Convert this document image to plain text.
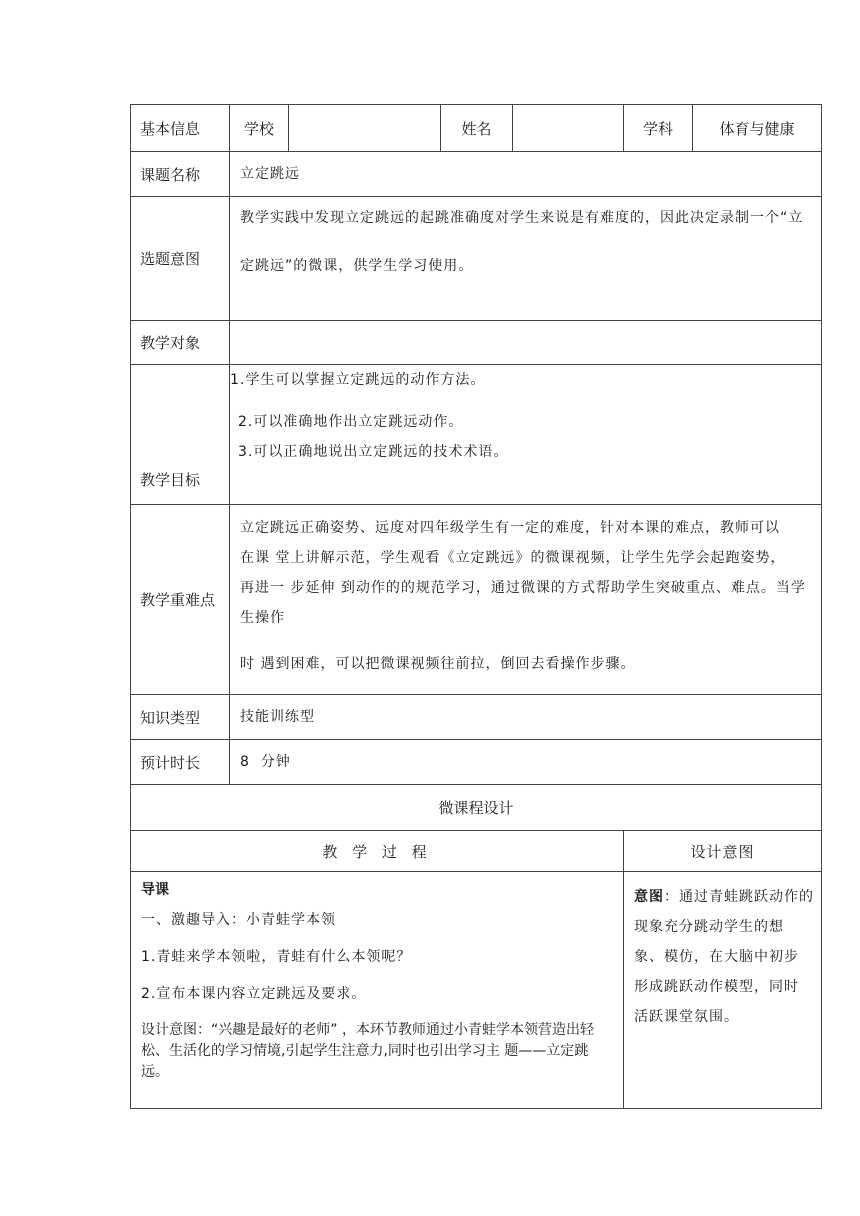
基本信息	学校		姓名		学科	体育与健康
课题名称	立定跳远					
选题意图	教学实践中发现立定跳远的起跳准确度对学生来说是有难度的，因此决定录制一个“立
定跳远”的微课，供学生学习使用。					

教学对象						
教学目标	1.学生可以掌握立定跳远的动作方法。
2.可以准确地作出立定跳远动作。
3.可以正确地说出立定跳远的技术术语。					

教学重难点	立定跳远正确姿势、远度对四年级学生有一定的难度，针对本课的难点，教师可以
在课 堂上讲解示范，学生观看《立定跳远》的微课视频，让学生先学会起跑姿势，
再进一 步延伸 到动作的的规范学习，通过微课的方式帮助学生突破重点、难点。当学生操作
时 遇到困难，可以把微课视频往前拉，倒回去看操作步骤。					

知识类型	技能训练型					
预计时长	8  分钟					
微课程设计						
教 学 过 程					设计意图	

导课

一、激趣导入：小青蛙学本领

1.青蛙来学本领啦，青蛙有什么本领呢？

2.宣布本课内容立定跳远及要求。

设计意图：“兴趣是最好的老师” ，本环节教师通过小青蛙学本领营造出轻松、生活化的学习情境,引起学生注意力,同时也引出学习主 题——立定跳远。					意图：通过青蛙跳跃动作的现象充分跳动学生的想 象、模仿，在大脑中初步 形成跳跃动作模型，同时 活跃课堂氛围。	
